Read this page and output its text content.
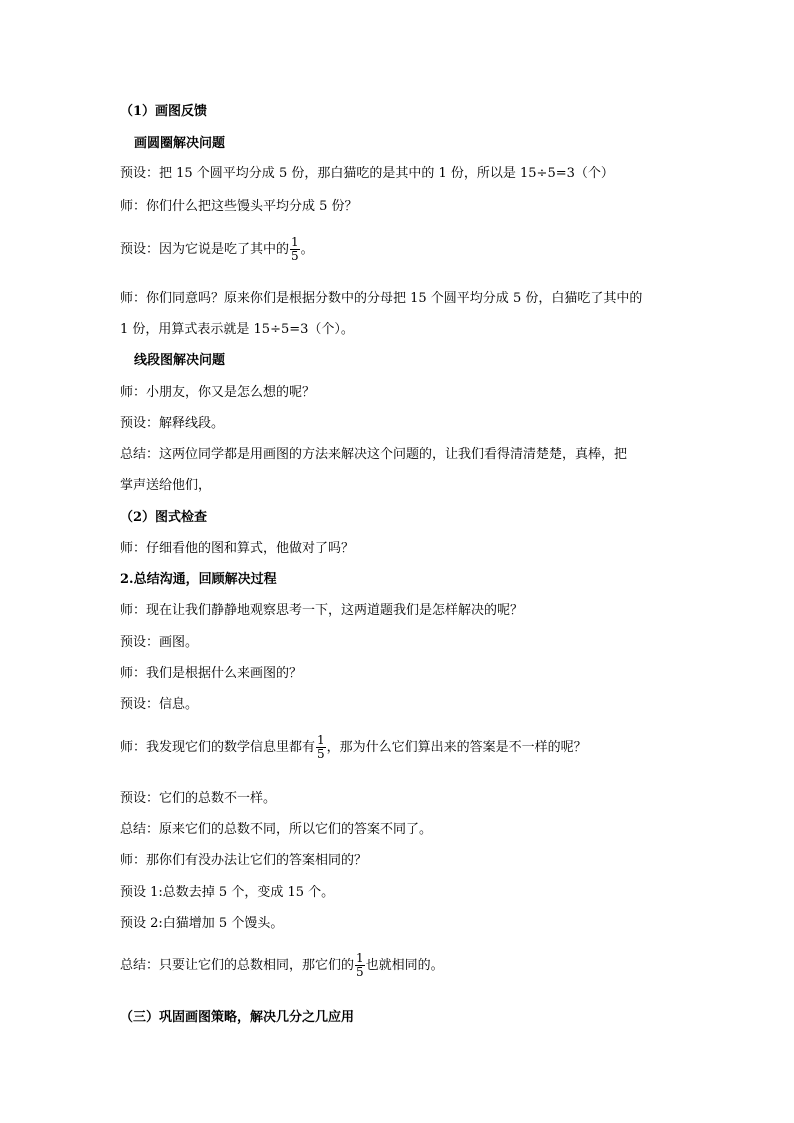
（1）画图反馈
画圆圈解决问题
预设：把 15 个圆平均分成 5 份，那白猫吃的是其中的 1 份，所以是 15÷5=3（个）
师：你们什么把这些馒头平均分成 5 份？
预设：因为它说是吃了其中的 $\frac{1}{5}$ 。
师：你们同意吗？原来你们是根据分数中的分母把 15 个圆平均分成 5 份，白猫吃了其中的
1 份，用算式表示就是 15÷5=3（个）。
线段图解决问题
师：小朋友，你又是怎么想的呢？
预设：解释线段。
总结：这两位同学都是用画图的方法来解决这个问题的，让我们看得清清楚楚，真棒，把
掌声送给他们，
（2）图式检查
师：仔细看他的图和算式，他做对了吗？
2.总结沟通，回顾解决过程
师：现在让我们静静地观察思考一下，这两道题我们是怎样解决的呢？
预设：画图。
师：我们是根据什么来画图的？
预设：信息。
师：我发现它们的数学信息里都有 $\frac{1}{5}$ ，那为什么它们算出来的答案是不一样的呢？
预设：它们的总数不一样。
总结：原来它们的总数不同，所以它们的答案不同了。
师：那你们有没办法让它们的答案相同的？
预设 1:总数去掉 5 个，变成 15 个。
预设 2:白猫增加 5 个馒头。
总结：只要让它们的总数相同，那它们的 $\frac{1}{5}$ 也就相同的。
（三）巩固画图策略，解决几分之几应用
